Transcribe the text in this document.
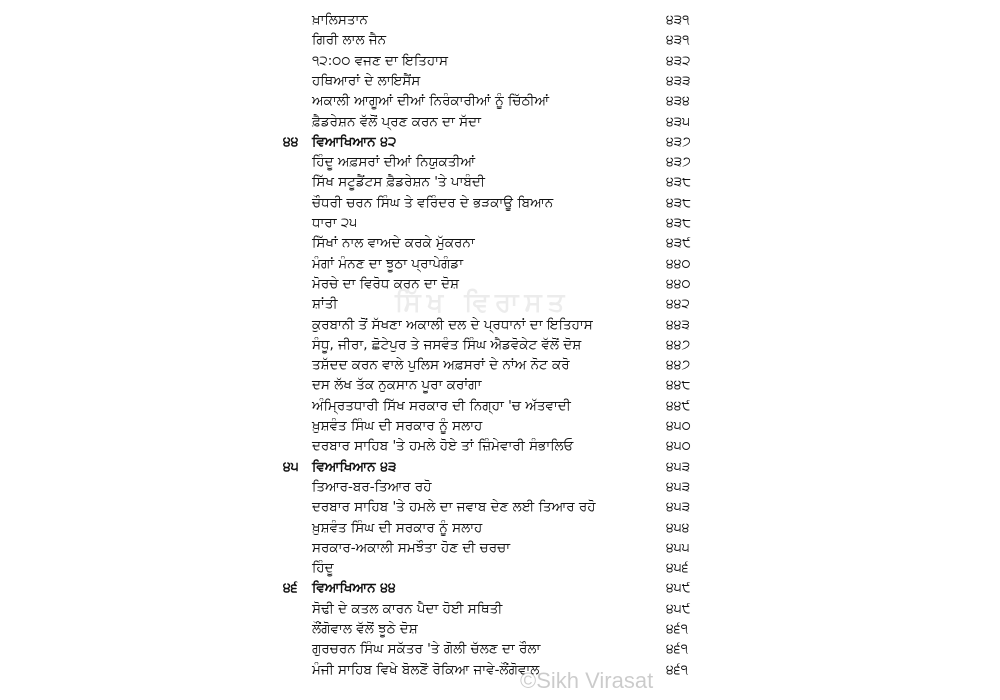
ਖ਼ਾਲਿਸਤਾਨ	੪੩੧
ਗਿਰੀ ਲਾਲ ਜੈਨ	੪੩੧
੧੨:੦੦ ਵਜਣ ਦਾ ਇਤਿਹਾਸ	੪੩੨
ਹਥਿਆਰਾਂ ਦੇ ਲਾਇਸੈਂਸ	੪੩੩
ਅਕਾਲੀ ਆਗੂਆਂ ਦੀਆਂ ਨਿਰੰਕਾਰੀਆਂ ਨੂੰ ਚਿੱਠੀਆਂ	੪੩੪
ਫ਼ੈਡਰੇਸ਼ਨ ਵੱਲੋਂ ਪ੍ਰਣ ਕਰਨ ਦਾ ਸੱਦਾ	੪੩੫
੪੪ ਵਿਆਖਿਆਨ ੪੨	੪੩੭
ਹਿੰਦੂ ਅਫ਼ਸਰਾਂ ਦੀਆਂ ਨਿਯੁਕਤੀਆਂ	੪੩੭
ਸਿੱਖ ਸਟੂਡੈਂਟਸ ਫ਼ੈਡਰੇਸ਼ਨ 'ਤੇ ਪਾਬੰਦੀ	੪੩੮
ਚੌਧਰੀ ਚਰਨ ਸਿੰਘ ਤੇ ਵਰਿੰਦਰ ਦੇ ਭੜਕਾਊ ਬਿਆਨ	੪੩੮
ਧਾਰਾ ੨੫	੪੩੮
ਸਿੱਖਾਂ ਨਾਲ ਵਾਅਦੇ ਕਰਕੇ ਮੁੱਕਰਨਾ	੪੩੯
ਮੰਗਾਂ ਮੰਨਣ ਦਾ ਝੂਠਾ ਪ੍ਰਾਪੇਗੰਡਾ	੪੪੦
ਮੋਰਚੇ ਦਾ ਵਿਰੋਧ ਕਰਨ ਦਾ ਦੋਸ਼	੪੪੦
ਸ਼ਾਂਤੀ	੪੪੨
ਕੁਰਬਾਨੀ ਤੋਂ ਸੱਖਣਾ ਅਕਾਲੀ ਦਲ ਦੇ ਪ੍ਰਧਾਨਾਂ ਦਾ ਇਤਿਹਾਸ	੪੪੩
ਸੰਧੂ, ਜੀਰਾ, ਛੋਟੇਪੁਰ ਤੇ ਜਸਵੰਤ ਸਿੰਘ ਐਡਵੋਕੇਟ ਵੱਲੋਂ ਦੋਸ਼	੪੪੭
ਤਸ਼ੱਦਦ ਕਰਨ ਵਾਲੇ ਪੁਲਿਸ ਅਫ਼ਸਰਾਂ ਦੇ ਨਾਂਅ ਨੋਟ ਕਰੋ	੪੪੭
ਦਸ ਲੱਖ ਤੱਕ ਨੁਕਸਾਨ ਪੂਰਾ ਕਰਾਂਗਾ	੪੪੮
ਅੰਮ੍ਰਿਤਧਾਰੀ ਸਿੱਖ ਸਰਕਾਰ ਦੀ ਨਿਗ੍ਹਾ 'ਚ ਅੱਤਵਾਦੀ	੪੪੯
ਖ਼ੁਸ਼ਵੰਤ ਸਿੰਘ ਦੀ ਸਰਕਾਰ ਨੂੰ ਸਲਾਹ	੪੫੦
ਦਰਬਾਰ ਸਾਹਿਬ 'ਤੇ ਹਮਲੇ ਹੋਏ ਤਾਂ ਜ਼ਿੰਮੇਵਾਰੀ ਸੰਭਾਲਿਓ	੪੫੦
੪੫ ਵਿਆਖਿਆਨ ੪੩	੪੫੩
ਤਿਆਰ-ਬਰ-ਤਿਆਰ ਰਹੋ	੪੫੩
ਦਰਬਾਰ ਸਾਹਿਬ 'ਤੇ ਹਮਲੇ ਦਾ ਜਵਾਬ ਦੇਣ ਲਈ ਤਿਆਰ ਰਹੋ	੪੫੩
ਖ਼ੁਸ਼ਵੰਤ ਸਿੰਘ ਦੀ ਸਰਕਾਰ ਨੂੰ ਸਲਾਹ	੪੫੪
ਸਰਕਾਰ-ਅਕਾਲੀ ਸਮਝੌਤਾ ਹੋਣ ਦੀ ਚਰਚਾ	੪੫੫
ਹਿੰਦੂ	੪੫੬
੪੬ ਵਿਆਖਿਆਨ ੪੪	੪੫੯
ਸੋਢੀ ਦੇ ਕਤਲ ਕਾਰਨ ਪੈਦਾ ਹੋਈ ਸਥਿਤੀ	੪੫੯
ਲੌਂਗੋਵਾਲ ਵੱਲੋਂ ਝੂਠੇ ਦੋਸ਼	੪੬੧
ਗੁਰਚਰਨ ਸਿੰਘ ਸਕੱਤਰ 'ਤੇ ਗੋਲੀ ਚੱਲਣ ਦਾ ਰੌਲਾ	੪੬੧
ਮੰਜੀ ਸਾਹਿਬ ਵਿਖੇ ਬੋਲਣੋਂ ਰੋਕਿਆ ਜਾਵੇ-ਲੌਂਗੋਵਾਲ	੪੬੧
ਸਿੱਖ ਵਿਰਾਸਤ
©Sikh Virasat
